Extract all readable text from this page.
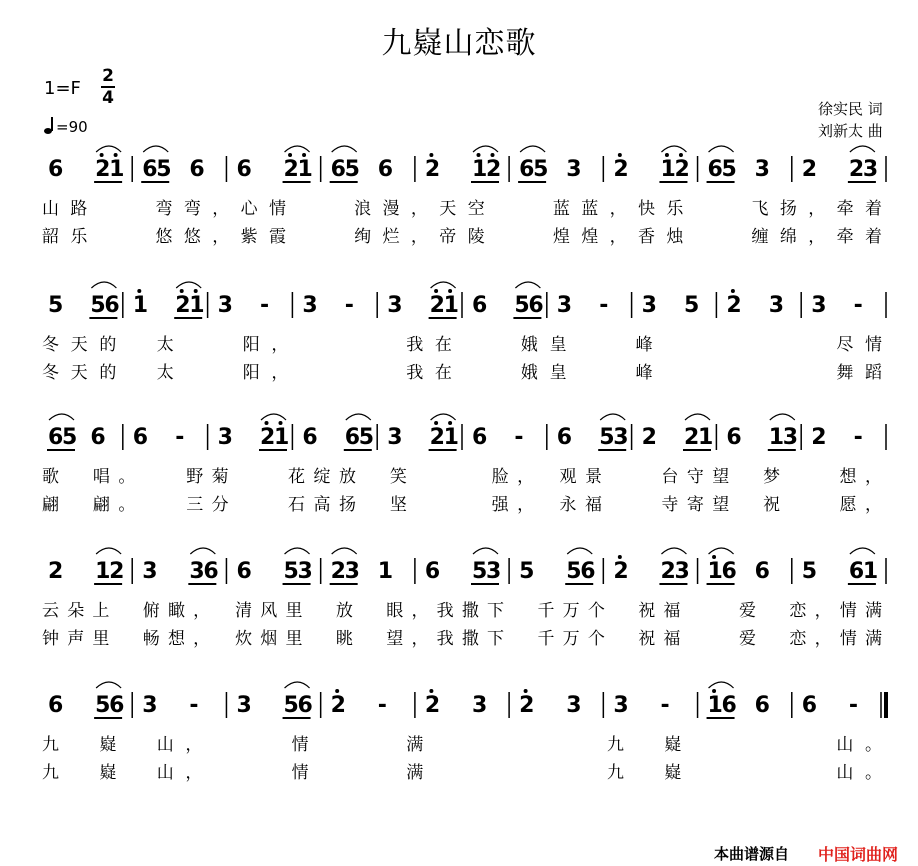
九嶷山恋歌
1=F
2
4
=90
徐实民 词
刘新太 曲
6 2
1 6
5 6 6 2
1 6
5 6 2 1
2 6
5 3 2 1
2 6
5 3 2 2
3
山路　　弯弯，心情　　浪漫，天空　　蓝蓝，快乐　　飞扬，牵着
韶乐　　悠悠，紫霞　　绚烂，帝陵　　煌煌，香烛　　缠绵，牵着
5 5
6 1 2
1 3 - 3 - 3 2
1 6 5
6 3 - 3 5 2 3 3 -
冬天的　太　　阳，　　　　我在　　娥皇　　峰　　　　　　尽情
冬天的　太　　阳，　　　　我在　　娥皇　　峰　　　　　　舞蹈
6
5 6 6 - 3 2
1 6 6
5 3 2
1 6 - 6 5
3 2 2
1 6 1
3 2 -
歌　唱。　　野菊　　花绽放　笑　　　脸，　观景　　台守望　梦　　想，
翩　翩。　　三分　　石高扬　坚　　　强，　永福　　寺寄望　祝　　愿，
2 1
2 3 3
6 6 5
3 2
3 1 6 5
3 5 5
6 2 2
3 1
6 6 5 6
1
云朵上　俯瞰，　清风里　放　眼，我撒下　千万个　祝福　　爱　恋，情满
钟声里　畅想，　炊烟里　眺　望，我撒下　千万个　祝福　　爱　恋，情满
6 5
6 3 - 3 5
6 2 - 2 3 2 3 3 - 1
6 6 6 -
九　嶷　山，　　　情　　　满　　　　　　九　嶷　　　　　山。
九　嶷　山，　　　情　　　满　　　　　　九　嶷　　　　　山。
本曲谱源自 中国词曲网
